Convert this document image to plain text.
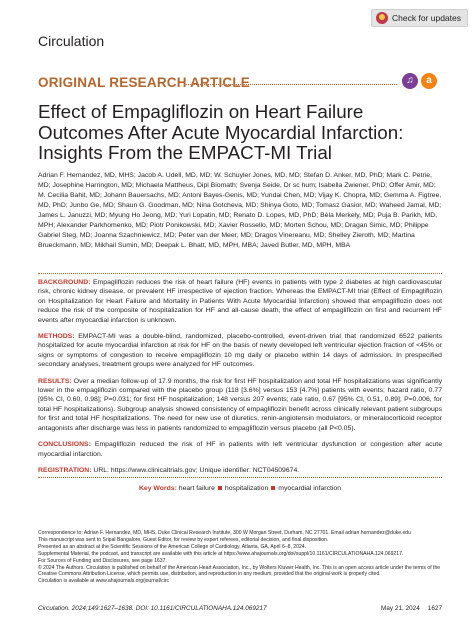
Check for updates
Circulation
ORIGINAL RESEARCH ARTICLE	♫	a
Effect of Empagliflozin on Heart Failure Outcomes After Acute Myocardial Infarction: Insights From the EMPACT-MI Trial
Adrian F. Hernandez, MD, MHS; Jacob A. Udell, MD, MD; W. Schuyler Jones, MD, MD; Stefan D. Anker, MD, PhD; Mark C. Petrie, MD; Josephine Harrington, MD; Michaela Mattheus, Dipl Biomath; Svenja Seide, Dr sc hum; Isabella Zwiener, PhD; Offer Amir, MD; M. Cecilia Bahit, MD; Johann Bauersachs, MD; Antoni Bayes-Genis, MD; Yundai Chen, MD; Vijay K. Chopra, MD; Gemma A. Figtree, MD, PhD; Junbo Ge, MD; Shaun G. Goodman, MD; Nina Gotcheva, MD; Shinya Goto, MD; Tomasz Gasior, MD; Waheed Jamal, MD; James L. Januzzi, MD; Myung Ho Jeong, MD; Yuri Lopatin, MD; Renato D. Lopes, MD, PhD; Béla Merkely, MD; Puja B. Parikh, MD, MPH; Alexander Parkhomenko, MD; Piotr Ponikowski, MD; Xavier Rossello, MD; Morten Schou, MD; Dragan Simic, MD; Philippe Gabriel Steg, MD; Joanna Szachniewicz, MD; Peter van der Meer, MD; Dragos Vinereanu, MD; Shelley Zieroth, MD; Martina Brueckmann, MD; Mikhail Sumin, MD; Deepak L. Bhatt, MD, MPH, MBA; Javed Butler, MD, MPH, MBA

BACKGROUND: Empagliflozin reduces the risk of heart failure (HF) events in patients with type 2 diabetes at high cardiovascular risk, chronic kidney disease, or prevalent HF irrespective of ejection fraction. Whereas the EMPACT-MI trial (Effect of Empagliflozin on Hospitalization for Heart Failure and Mortality in Patients With Acute Myocardial Infarction) showed that empagliflozin does not reduce the risk of the composite of hospitalization for HF and all-cause death, the effect of empagliflozin on first and recurrent HF events after myocardial infarction is unknown.

METHODS: EMPACT-MI was a double-blind, randomized, placebo-controlled, event-driven trial that randomized 6522 patients hospitalized for acute myocardial infarction at risk for HF on the basis of newly developed left ventricular ejection fraction of <45% or signs or symptoms of congestion to receive empagliflozin 10 mg daily or placebo within 14 days of admission. In prespecified secondary analyses, treatment groups were analyzed for HF outcomes.

RESULTS: Over a median follow-up of 17.9 months, the risk for first HF hospitalization and total HF hospitalizations was significantly lower in the empagliflozin compared with the placebo group (118 [3.6%] versus 153 [4.7%] patients with events; hazard ratio, 0.77 [95% CI, 0.60, 0.98]; P=0.031; for first HF hospitalization; 148 versus 207 events; rate ratio, 0.67 [95% CI, 0.51, 0.89]; P=0.006, for total HF hospitalizations). Subgroup analysis showed consistency of empagliflozin benefit across clinically relevant patient subgroups for first and total HF hospitalizations. The need for new use of diuretics, renin-angiotensin modulators, or mineralocorticoid receptor antagonists after discharge was less in patients randomized to empagliflozin versus placebo (all P<0.05).

CONCLUSIONS: Empagliflozin reduced the risk of HF in patients with left ventricular dysfunction or congestion after acute myocardial infarction.

REGISTRATION: URL: https://www.clinicaltrials.gov; Unique identifier: NCT04509674.

Key Words: heart failure hospitalization myocardial infarction

Correspondence to: Adrian F. Hernandez, MD, MHS, Duke Clinical Research Institute, 300 W Morgan Street, Durham, NC 27701. Email adrian.hernandez@duke.edu

This manuscript was sent to Sripal Bangalore, Guest Editor, for review by expert referees, editorial decision, and final disposition.

Presented as an abstract at the Scientific Sessions of the American College of Cardiology, Atlanta, GA, April 6–8, 2024.

Supplemental Material, the podcast, and transcript are available with this article at https://www.ahajournals.org/doi/suppl/10.1161/CIRCULATIONAHA.124.069217.

For Sources of Funding and Disclosures, see page 1637.

© 2024 The Authors. Circulation is published on behalf of the American Heart Association, Inc., by Wolters Kluwer Health, Inc. This is an open access article under the terms of the Creative Commons Attribution License, which permits use, distribution, and reproduction in any medium, provided that the original work is properly cited.

Circulation is available at www.ahajournals.org/journal/circ

Circulation. 2024;149:1627–1638. DOI: 10.1161/CIRCULATIONAHA.124.069217	May 21, 2024 1627
